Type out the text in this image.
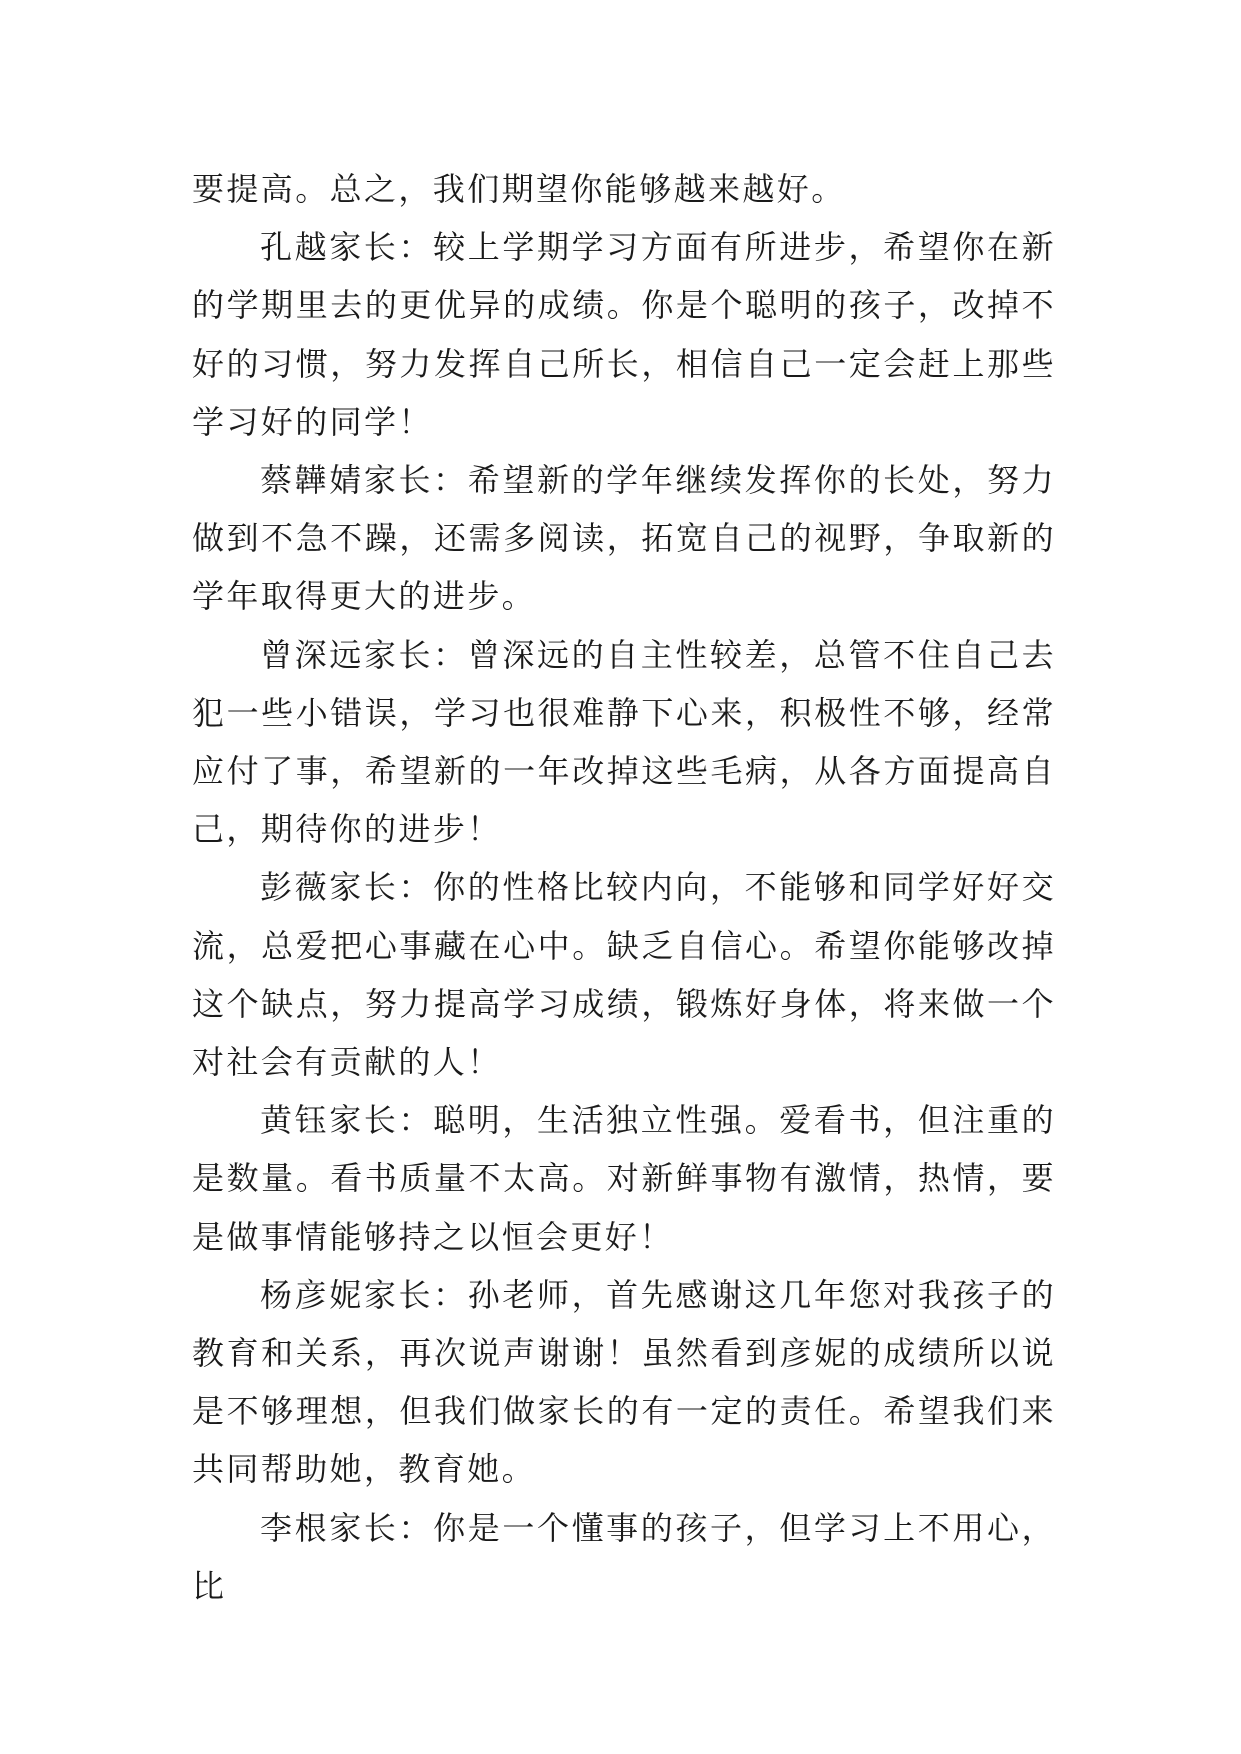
要提高。总之，我们期望你能够越来越好。

孔越家长：较上学期学习方面有所进步，希望你在新的学期里去的更优异的成绩。你是个聪明的孩子，改掉不好的习惯，努力发挥自己所长，相信自己一定会赶上那些学习好的同学！

蔡韡婧家长：希望新的学年继续发挥你的长处，努力做到不急不躁，还需多阅读，拓宽自己的视野，争取新的学年取得更大的进步。

曾深远家长：曾深远的自主性较差，总管不住自己去犯一些小错误，学习也很难静下心来，积极性不够，经常应付了事，希望新的一年改掉这些毛病，从各方面提高自己，期待你的进步！

彭薇家长：你的性格比较内向，不能够和同学好好交流，总爱把心事藏在心中。缺乏自信心。希望你能够改掉这个缺点，努力提高学习成绩，锻炼好身体，将来做一个对社会有贡献的人！

黄钰家长：聪明，生活独立性强。爱看书，但注重的是数量。看书质量不太高。对新鲜事物有激情，热情，要是做事情能够持之以恒会更好！

杨彦妮家长：孙老师，首先感谢这几年您对我孩子的教育和关系，再次说声谢谢！虽然看到彦妮的成绩所以说是不够理想，但我们做家长的有一定的责任。希望我们来共同帮助她，教育她。

李根家长：你是一个懂事的孩子，但学习上不用心，比
